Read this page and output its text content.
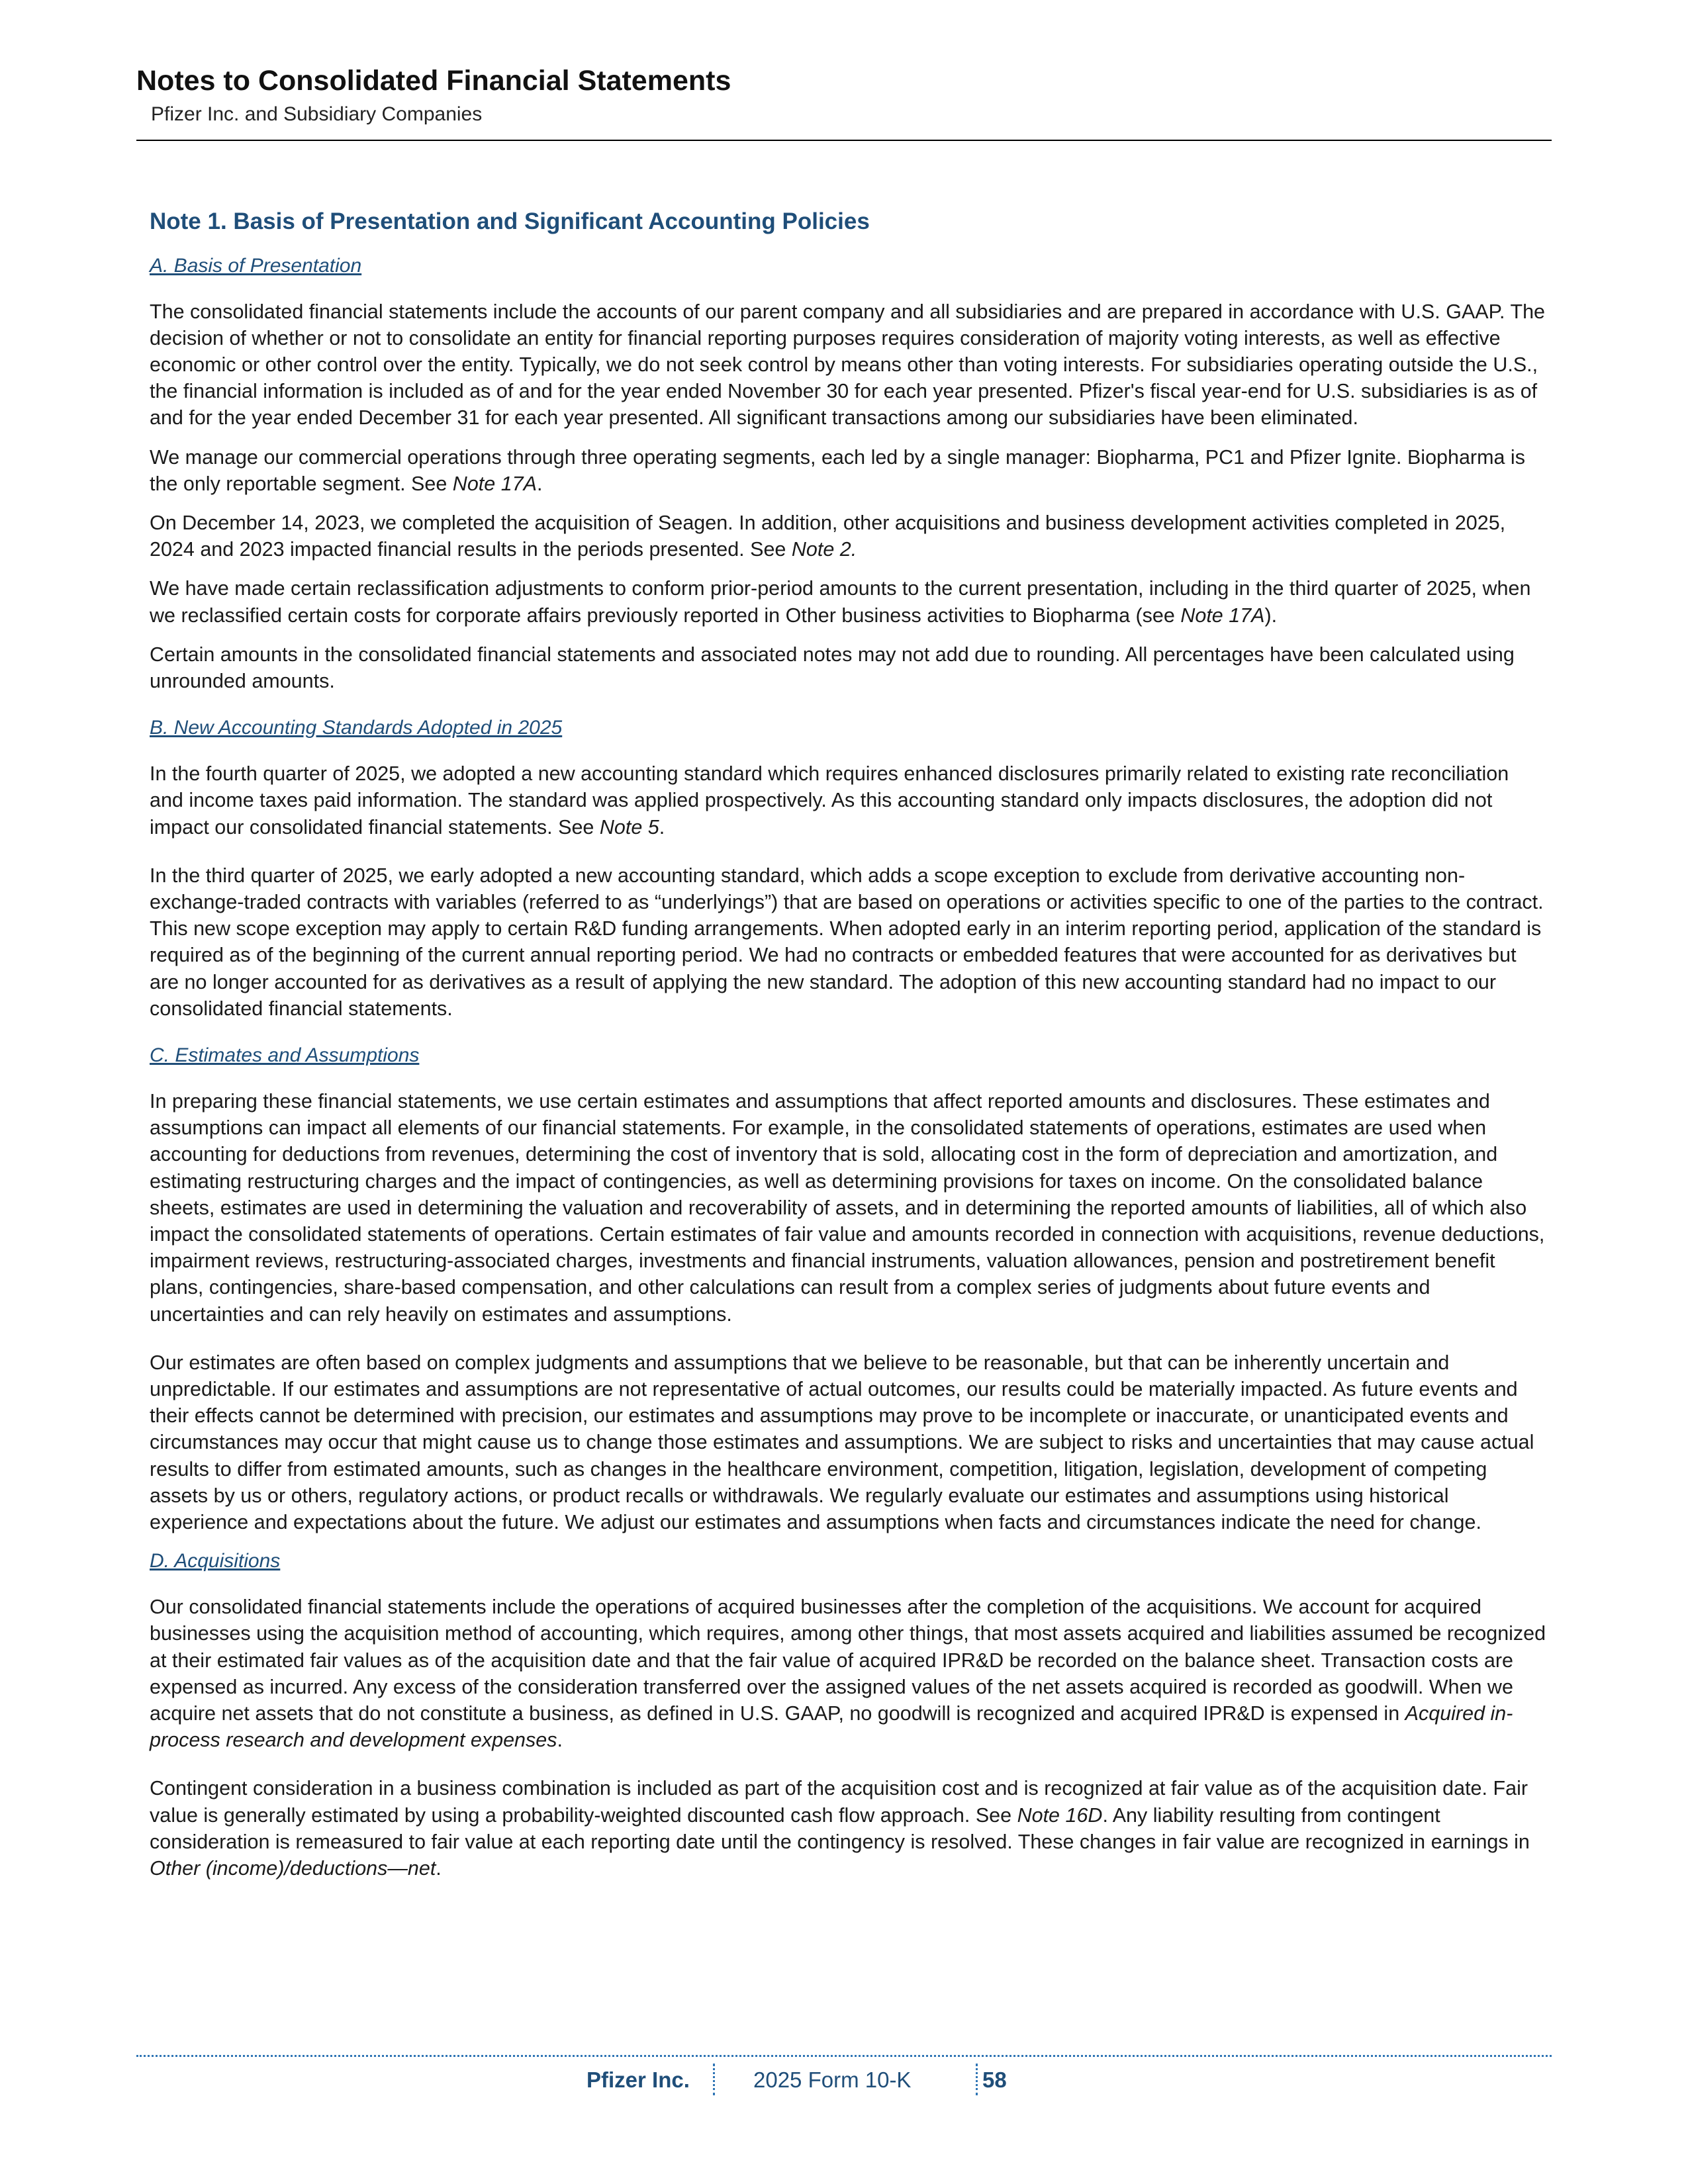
Notes to Consolidated Financial Statements
Pfizer Inc. and Subsidiary Companies
Note 1. Basis of Presentation and Significant Accounting Policies
A. Basis of Presentation

The consolidated financial statements include the accounts of our parent company and all subsidiaries and are prepared in accordance with U.S. GAAP. The decision of whether or not to consolidate an entity for financial reporting purposes requires consideration of majority voting interests, as well as effective economic or other control over the entity. Typically, we do not seek control by means other than voting interests. For subsidiaries operating outside the U.S., the financial information is included as of and for the year ended November 30 for each year presented. Pfizer's fiscal year-end for U.S. subsidiaries is as of and for the year ended December 31 for each year presented. All significant transactions among our subsidiaries have been eliminated.

We manage our commercial operations through three operating segments, each led by a single manager: Biopharma, PC1 and Pfizer Ignite. Biopharma is the only reportable segment. See Note 17A.

On December 14, 2023, we completed the acquisition of Seagen. In addition, other acquisitions and business development activities completed in 2025, 2024 and 2023 impacted financial results in the periods presented. See Note 2.

We have made certain reclassification adjustments to conform prior-period amounts to the current presentation, including in the third quarter of 2025, when we reclassified certain costs for corporate affairs previously reported in Other business activities to Biopharma (see Note 17A).

Certain amounts in the consolidated financial statements and associated notes may not add due to rounding. All percentages have been calculated using unrounded amounts.

B. New Accounting Standards Adopted in 2025

In the fourth quarter of 2025, we adopted a new accounting standard which requires enhanced disclosures primarily related to existing rate reconciliation and income taxes paid information. The standard was applied prospectively. As this accounting standard only impacts disclosures, the adoption did not impact our consolidated financial statements. See Note 5.

In the third quarter of 2025, we early adopted a new accounting standard, which adds a scope exception to exclude from derivative accounting non-exchange-traded contracts with variables (referred to as “underlyings”) that are based on operations or activities specific to one of the parties to the contract. This new scope exception may apply to certain R&D funding arrangements. When adopted early in an interim reporting period, application of the standard is required as of the beginning of the current annual reporting period. We had no contracts or embedded features that were accounted for as derivatives but are no longer accounted for as derivatives as a result of applying the new standard. The adoption of this new accounting standard had no impact to our consolidated financial statements.

C. Estimates and Assumptions

In preparing these financial statements, we use certain estimates and assumptions that affect reported amounts and disclosures. These estimates and assumptions can impact all elements of our financial statements. For example, in the consolidated statements of operations, estimates are used when accounting for deductions from revenues, determining the cost of inventory that is sold, allocating cost in the form of depreciation and amortization, and estimating restructuring charges and the impact of contingencies, as well as determining provisions for taxes on income. On the consolidated balance sheets, estimates are used in determining the valuation and recoverability of assets, and in determining the reported amounts of liabilities, all of which also impact the consolidated statements of operations. Certain estimates of fair value and amounts recorded in connection with acquisitions, revenue deductions, impairment reviews, restructuring-associated charges, investments and financial instruments, valuation allowances, pension and postretirement benefit plans, contingencies, share-based compensation, and other calculations can result from a complex series of judgments about future events and uncertainties and can rely heavily on estimates and assumptions.

Our estimates are often based on complex judgments and assumptions that we believe to be reasonable, but that can be inherently uncertain and unpredictable. If our estimates and assumptions are not representative of actual outcomes, our results could be materially impacted. As future events and their effects cannot be determined with precision, our estimates and assumptions may prove to be incomplete or inaccurate, or unanticipated events and circumstances may occur that might cause us to change those estimates and assumptions. We are subject to risks and uncertainties that may cause actual results to differ from estimated amounts, such as changes in the healthcare environment, competition, litigation, legislation, development of competing assets by us or others, regulatory actions, or product recalls or withdrawals. We regularly evaluate our estimates and assumptions using historical experience and expectations about the future. We adjust our estimates and assumptions when facts and circumstances indicate the need for change.

D. Acquisitions

Our consolidated financial statements include the operations of acquired businesses after the completion of the acquisitions. We account for acquired businesses using the acquisition method of accounting, which requires, among other things, that most assets acquired and liabilities assumed be recognized at their estimated fair values as of the acquisition date and that the fair value of acquired IPR&D be recorded on the balance sheet. Transaction costs are expensed as incurred. Any excess of the consideration transferred over the assigned values of the net assets acquired is recorded as goodwill. When we acquire net assets that do not constitute a business, as defined in U.S. GAAP, no goodwill is recognized and acquired IPR&D is expensed in Acquired in-process research and development expenses.

Contingent consideration in a business combination is included as part of the acquisition cost and is recognized at fair value as of the acquisition date. Fair value is generally estimated by using a probability-weighted discounted cash flow approach. See Note 16D. Any liability resulting from contingent consideration is remeasured to fair value at each reporting date until the contingency is resolved. These changes in fair value are recognized in earnings in Other (income)/deductions—net.

Pfizer Inc.	2025 Form 10-K	58
